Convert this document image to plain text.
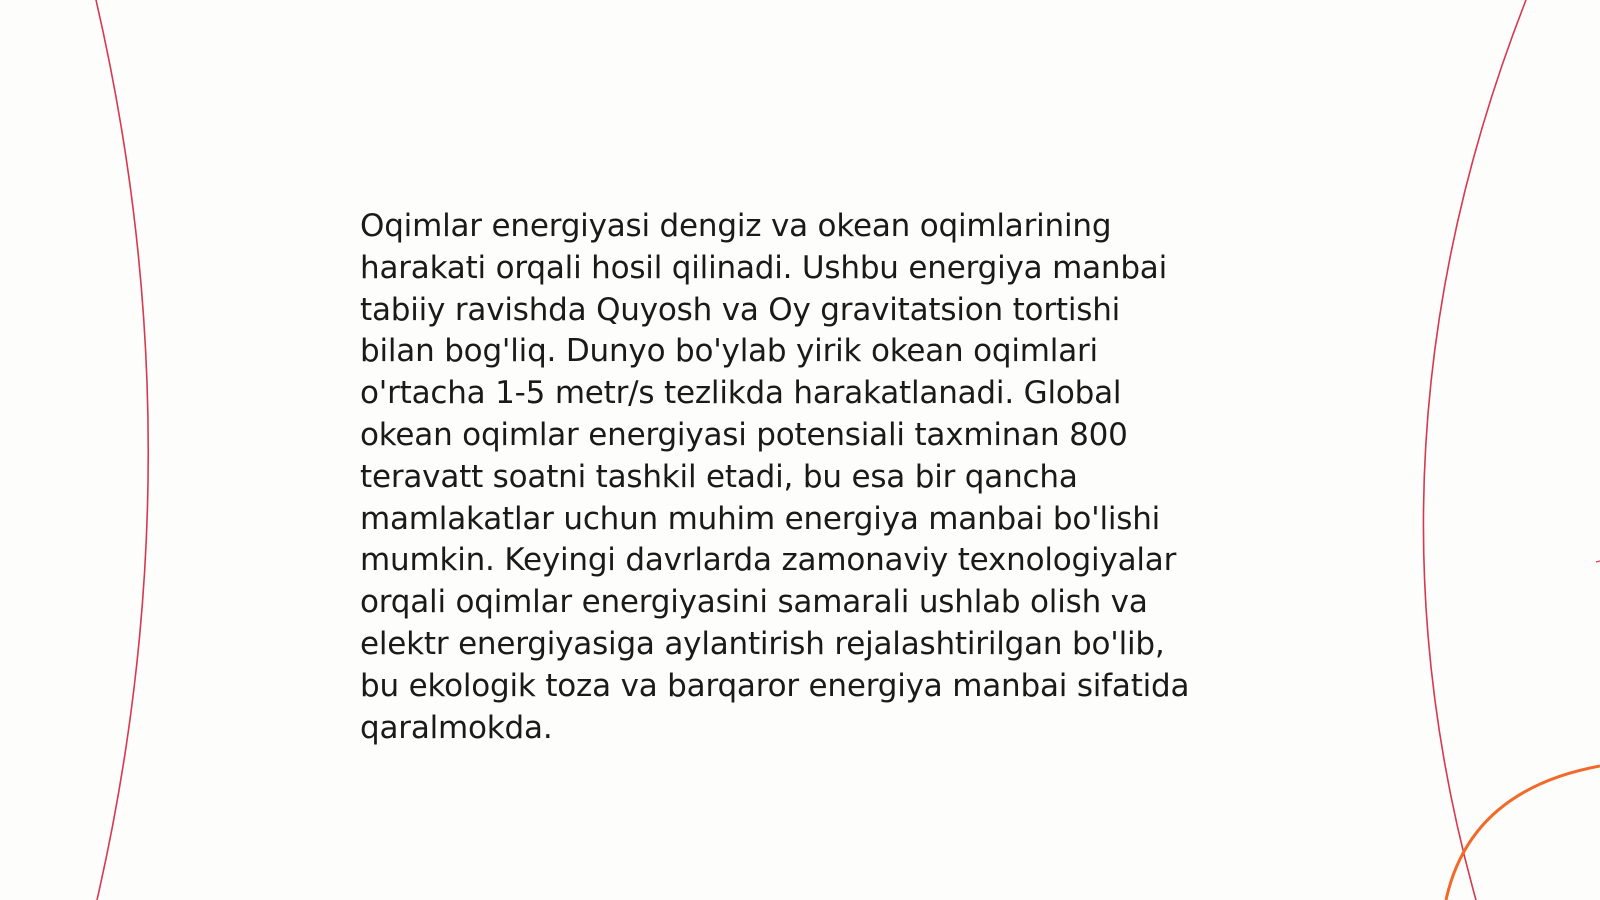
Oqimlar energiyasi dengiz va okean oqimlarining
harakati orqali hosil qilinadi. Ushbu energiya manbai
tabiiy ravishda Quyosh va Oy gravitatsion tortishi
bilan bog'liq. Dunyo bo'ylab yirik okean oqimlari
o'rtacha 1-5 metr/s tezlikda harakatlanadi. Global
okean oqimlar energiyasi potensiali taxminan 800
teravatt soatni tashkil etadi, bu esa bir qancha
mamlakatlar uchun muhim energiya manbai bo'lishi
mumkin. Keyingi davrlarda zamonaviy texnologiyalar
orqali oqimlar energiyasini samarali ushlab olish va
elektr energiyasiga aylantirish rejalashtirilgan bo'lib,
bu ekologik toza va barqaror energiya manbai sifatida
qaralmokda.
